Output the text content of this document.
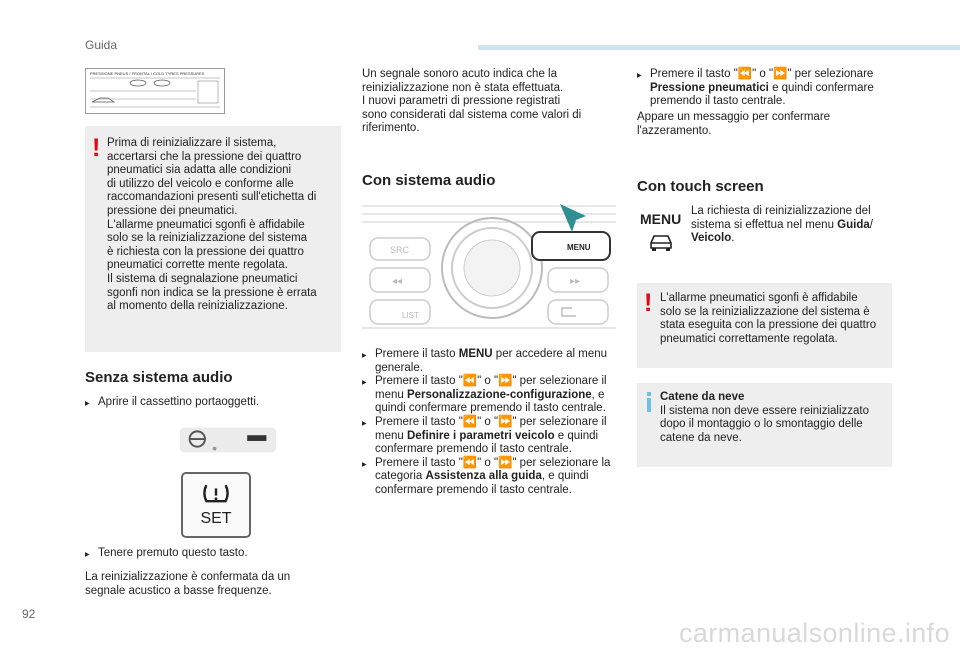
Guida
PRESSIONE PNEUS / FRONTAL / COLD TYRES PRESSURES
! Prima di reinizializzare il sistema,
accertarsi che la pressione dei quattro
pneumatici sia adatta alle condizioni
di utilizzo del veicolo e conforme alle
raccomandazioni presenti sull'etichetta di
pressione dei pneumatici.
L'allarme pneumatici sgonfi è affidabile
solo se la reinizializzazione del sistema
è richiesta con la pressione dei quattro
pneumatici corrette mente regolata.
Il sistema di segnalazione pneumatici
sgonfi non indica se la pressione è errata
al momento della reinizializzazione.
Senza sistema audio
▶ Aprire il cassettino portaoggetti.
SET
▶ Tenere premuto questo tasto.
La reinizializzazione è confermata da un
segnale acustico a basse frequenze.
92
Un segnale sonoro acuto indica che la
reinizializzazione non è stata effettuata.
I nuovi parametri di pressione registrati
sono considerati dal sistema come valori di
riferimento.
Con sistema audio
SRC
◂◂
LIST
MENU
▸▸
▶ Premere il tasto MENU per accedere al menu generale.
▶ Premere il tasto "⏪" o "⏩" per selezionare il menu Personalizzazione-configurazione, e quindi confermare premendo il tasto centrale.
▶ Premere il tasto "⏪" o "⏩" per selezionare il menu Definire i parametri veicolo e quindi confermare premendo il tasto centrale.
▶ Premere il tasto "⏪" o "⏩" per selezionare la categoria Assistenza alla guida, e quindi confermare premendo il tasto centrale.
▶ Premere il tasto "⏪" o "⏩" per selezionare Pressione pneumatici e quindi confermare premendo il tasto centrale.
Appare un messaggio per confermare
l'azzeramento.
Con touch screen
MENU La richiesta di reinizializzazione del sistema si effettua nel menu Guida/ Veicolo.
! L'allarme pneumatici sgonfi è affidabile
solo se la reinizializzazione del sistema è
stata eseguita con la pressione dei quattro
pneumatici correttamente regolata.
Catene da neve
Il sistema non deve essere reinizializzato
dopo il montaggio o lo smontaggio delle
catene da neve.
carmanualsonline.info
